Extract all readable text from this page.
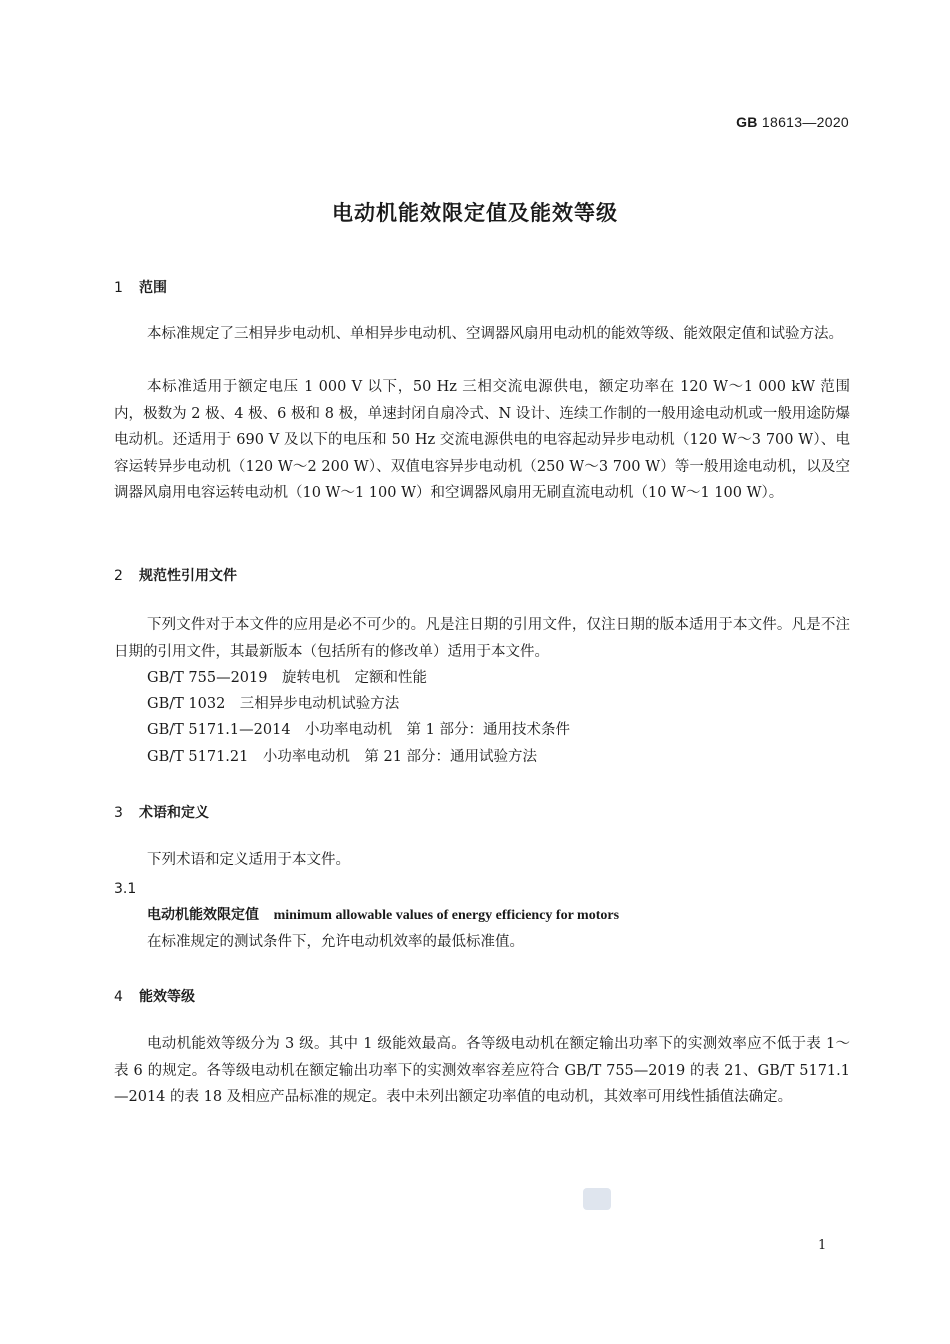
GB 18613—2020
电动机能效限定值及能效等级
1 范围

本标准规定了三相异步电动机、单相异步电动机、空调器风扇用电动机的能效等级、能效限定值和试验方法。

本标准适用于额定电压 1 000 V 以下，50 Hz 三相交流电源供电，额定功率在 120 W～1 000 kW 范围内，极数为 2 极、4 极、6 极和 8 极，单速封闭自扇冷式、N 设计、连续工作制的一般用途电动机或一般用途防爆电动机。还适用于 690 V 及以下的电压和 50 Hz 交流电源供电的电容起动异步电动机（120 W～3 700 W）、电容运转异步电动机（120 W～2 200 W）、双值电容异步电动机（250 W～3 700 W）等一般用途电动机，以及空调器风扇用电容运转电动机（10 W～1 100 W）和空调器风扇用无刷直流电动机（10 W～1 100 W）。

2 规范性引用文件

下列文件对于本文件的应用是必不可少的。凡是注日期的引用文件，仅注日期的版本适用于本文件。凡是不注日期的引用文件，其最新版本（包括所有的修改单）适用于本文件。

GB/T 755—2019　旋转电机　定额和性能
GB/T 1032　三相异步电动机试验方法
GB/T 5171.1—2014　小功率电动机　第 1 部分：通用技术条件
GB/T 5171.21　小功率电动机　第 21 部分：通用试验方法
3 术语和定义

下列术语和定义适用于本文件。

3.1
电动机能效限定值 minimum allowable values of energy efficiency for motors
在标准规定的测试条件下，允许电动机效率的最低标准值。
4 能效等级

电动机能效等级分为 3 级。其中 1 级能效最高。各等级电动机在额定输出功率下的实测效率应不低于表 1～表 6 的规定。各等级电动机在额定输出功率下的实测效率容差应符合 GB/T 755—2019 的表 21、GB/T 5171.1—2014 的表 18 及相应产品标准的规定。表中未列出额定功率值的电动机，其效率可用线性插值法确定。

1
